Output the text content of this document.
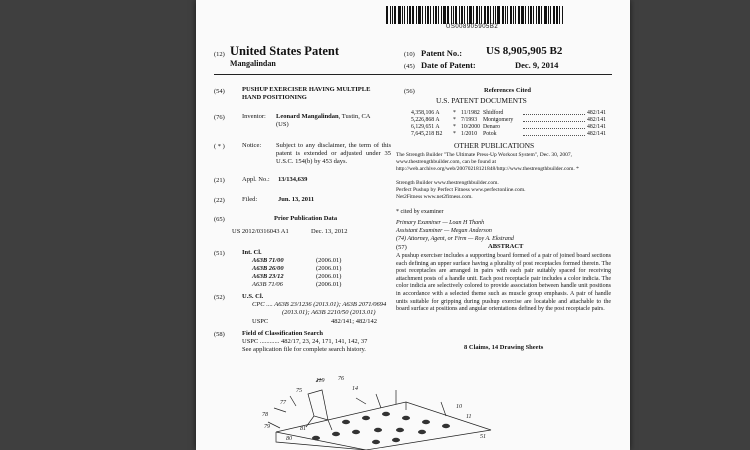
US008905905B2
(12) United States Patent
Mangalindan
(10) Patent No.: US 8,905,905 B2
(45) Date of Patent:	Dec. 9, 2014
(54)	PUSHUP EXERCISER HAVING MULTIPLE
HAND POSITIONING
(76)	Inventor: Leonard Mangalindan, Tustin, CA
(US)
( * )	Notice: Subject to any disclaimer, the term of this patent is extended or adjusted under 35 U.S.C. 154(b) by 453 days.
(21)	Appl. No.: 13/134,639
(22)	Filed:	Jun. 13, 2011
(65)	Prior Publication Data
US 2012/0316043 A1	Dec. 13, 2012
(51)	Int. Cl.
A63B 71/00	(2006.01)
A63B 26/00	(2006.01)
A63B 23/12	(2006.01)
A63B 71/06	(2006.01)
(52)	U.S. Cl.
CPC .... A63B 23/1236 (2013.01); A63B 2071/0694
(2013.01); A63B 2210/50 (2013.01)
USPC	482/141; 482/142
(58)	Field of Classification Search
USPC ............ 482/17, 23, 24, 171, 141, 142, 37
See application file for complete search history.
(56)	References Cited
U.S. PATENT DOCUMENTS
4,358,106 A * 11/1982 Shidford	482/141
5,226,868 A * 7/1993 Montgomery	482/141
6,129,651 A * 10/2000 Denaro	482/141
7,645,218 B2 * 1/2010 Potok	482/141
OTHER PUBLICATIONS
The Strength Builder "The Ultimate Press-Up Workout System", Dec. 30, 2007, www.thestrengthbuilder.com, can be found at http://web.archive.org/web/20070218121848/http://www.thestrengthbuilder.com. *
Strength Builder www.thestrengthbuilder.com.
Perfect Pushup by Perfect Fitness www.perfectonline.com.
Net2Fitness www.net2fitness.com.
* cited by examiner
Primary Examiner — Loan H Thanh
Assistant Examiner — Megan Anderson
(74) Attorney, Agent, or Firm — Roy A. Ekstrand
(57)	ABSTRACT
A pushup exerciser includes a supporting board formed of a pair of joined board sections each defining an upper surface having a plurality of post receptacles formed therein. The post receptacles are arranged in pairs with each pair suitably spaced for receiving attachment posts of a handle unit. Each post receptacle pair includes a color indicia. The color indicia are selectively colored to provide association between handle unit positions in accordance with a selected theme such as muscle group emphasis. A pair of handle units suitable for gripping during pushup exercise are locatable and attachable to the board surface at positions and angular orientations defined by the post receptacle pairs.
8 Claims, 14 Drawing Sheets
119 76
14
75
77
78
79
10
81
80
11
51
